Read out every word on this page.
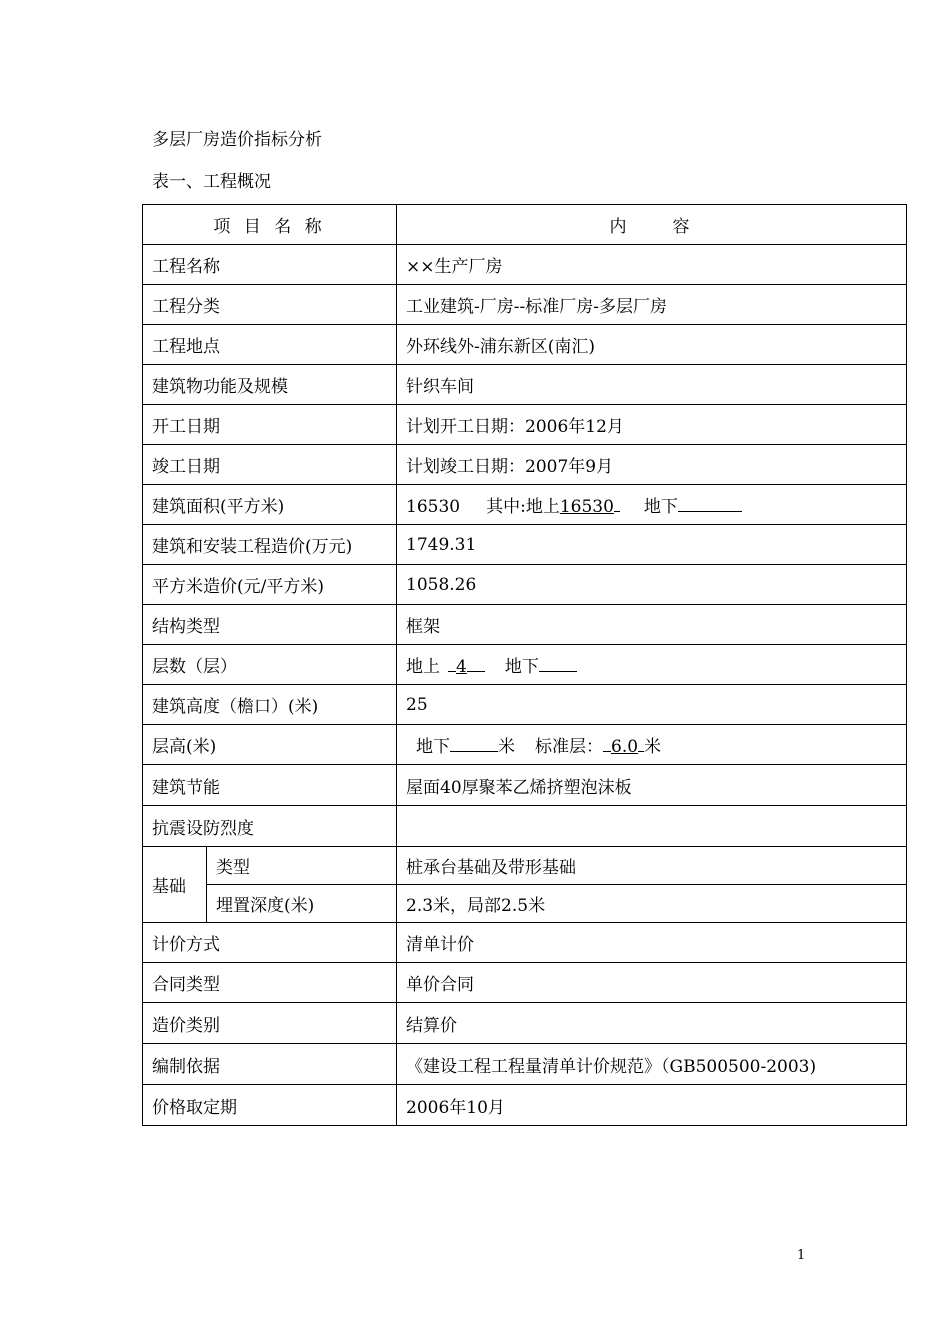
多层厂房造价指标分析
表一、工程概况
项 目 名 称		内　　容
工程名称		××生产厂房
工程分类		工业建筑-厂房--标准厂房-多层厂房
工程地点		外环线外-浦东新区(南汇)
建筑物功能及规模		针织车间
开工日期		计划开工日期：2006年12月
竣工日期		计划竣工日期：2007年9月
建筑面积(平方米)		16530 其中:地上16530 地下
建筑和安装工程造价(万元)		1749.31
平方米造价(元/平方米)		1058.26
结构类型		框架
层数（层）		地上 4 地下
建筑高度（檐口）(米)		25
层高(米)		地下 米 标准层： 6.0 米
建筑节能		屋面40厚聚苯乙烯挤塑泡沫板
抗震设防烈度		
基础	类型	桩承台基础及带形基础
	埋置深度(米)	2.3米，局部2.5米
计价方式		清单计价
合同类型		单价合同
造价类别		结算价
编制依据		《建设工程工程量清单计价规范》（GB500500-2003)
价格取定期		2006年10月
1
